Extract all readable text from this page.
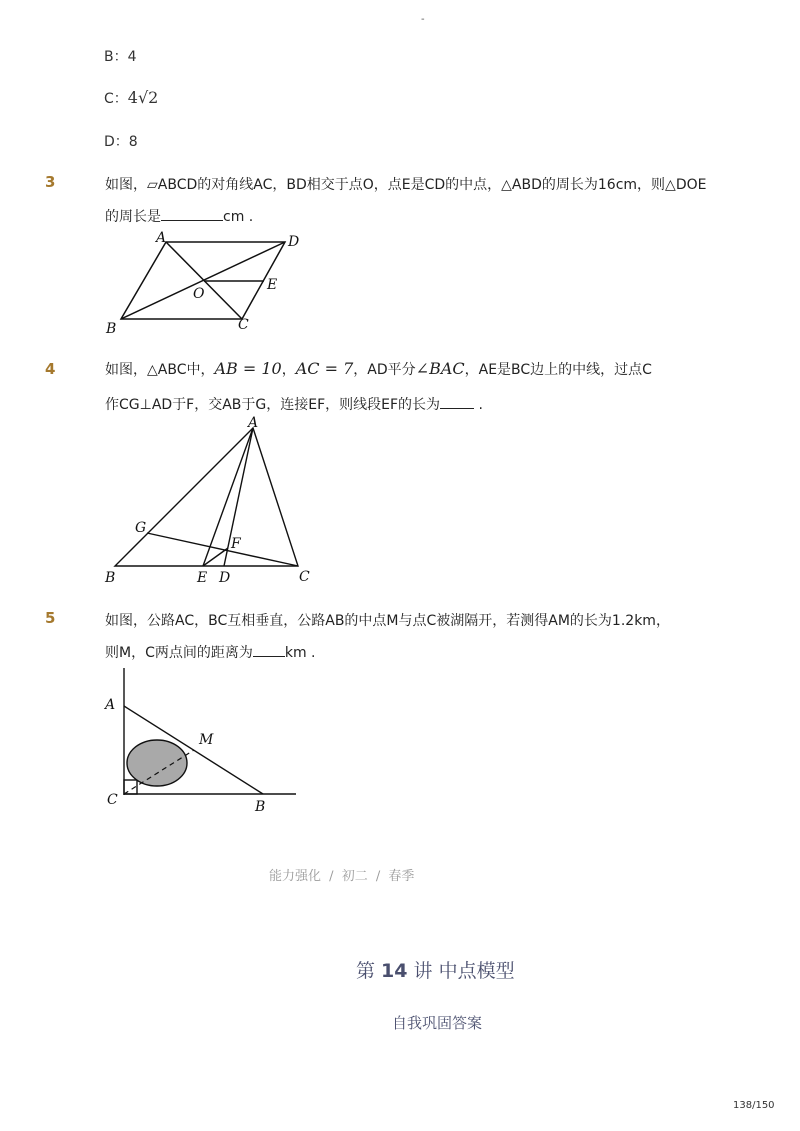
-
B：4
C：4√2
D：8
3	如图，▱ABCD的对角线AC，BD相交于点O，点E是CD的中点，△ABD的周长为16cm，则△DOE
的周长是	cm .
A	D
O
E
B	C
4	如图，△ABC中，AB = 10，AC = 7，AD平分∠BAC，AE是BC边上的中线，过点C
作CG⊥AD于F，交AB于G，连接EF，则线段EF的长为 .
A
G
F
B	E D	C
5	如图，公路AC，BC互相垂直，公路AB的中点M与点C被湖隔开，若测得AM的长为1.2km，
则M，C两点间的距离为 km .
A
M
C	B
能力强化 / 初二 / 春季
第 14 讲 中点模型
自我巩固答案
138/150
